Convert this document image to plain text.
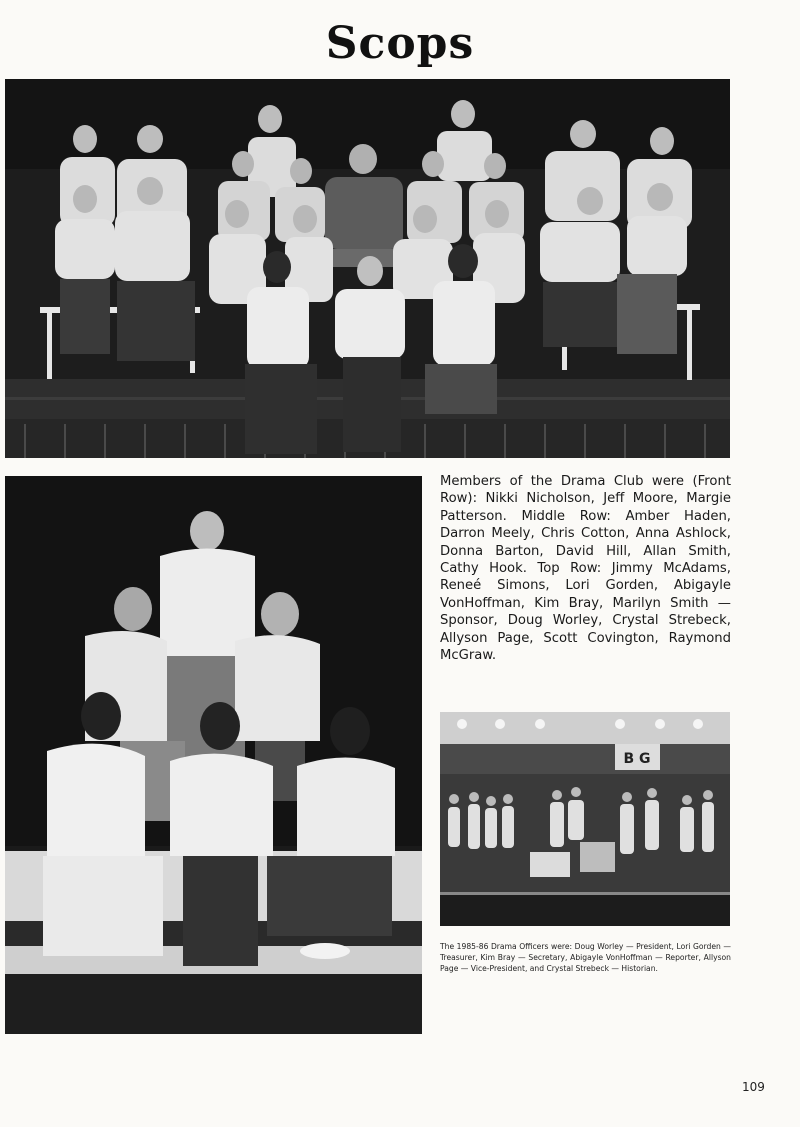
Scops
Members of the Drama Club were (Front Row): Nikki Nicholson, Jeff Moore, Margie Patterson. Middle Row: Amber Haden, Darron Meely, Chris Cotton, Anna Ashlock, Donna Barton, David Hill, Allan Smith, Cathy Hook. Top Row: Jimmy McAdams, Reneé Simons, Lori Gorden, Abigayle VonHoffman, Kim Bray, Marilyn Smith — Sponsor, Doug Worley, Crystal Strebeck, Allyson Page, Scott Covington, Raymond McGraw.
B G
The 1985-86 Drama Officers were: Doug Worley — President, Lori Gorden — Treasurer, Kim Bray — Secretary, Abigayle VonHoffman — Reporter, Allyson Page — Vice-President, and Crystal Strebeck — Historian.
109
